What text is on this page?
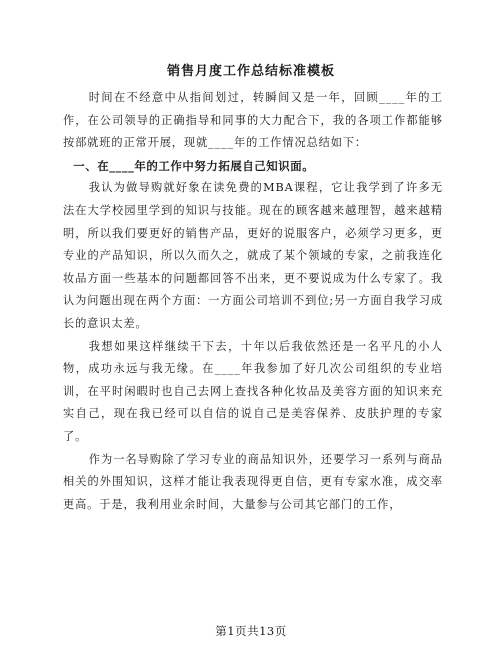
销售月度工作总结标准模板

时间在不经意中从指间划过，转瞬间又是一年，回顾____年的工作，在公司领导的正确指导和同事的大力配合下，我的各项工作都能够按部就班的正常开展，现就____年的工作情况总结如下：

一、在____年的工作中努力拓展自己知识面。

我认为做导购就好象在读免费的MBA课程，它让我学到了许多无法在大学校园里学到的知识与技能。现在的顾客越来越理智，越来越精明，所以我们要更好的销售产品，更好的说服客户，必须学习更多，更专业的产品知识，所以久而久之，就成了某个领域的专家，之前我连化妆品方面一些基本的问题都回答不出来，更不要说成为什么专家了。我认为问题出现在两个方面：一方面公司培训不到位;另一方面自我学习成长的意识太差。

我想如果这样继续干下去，十年以后我依然还是一名平凡的小人物，成功永远与我无缘。在____年我参加了好几次公司组织的专业培训，在平时闲暇时也自己去网上查找各种化妆品及美容方面的知识来充实自己，现在我已经可以自信的说自己是美容保养、皮肤护理的专家了。

作为一名导购除了学习专业的商品知识外，还要学习一系列与商品相关的外围知识，这样才能让我表现得更自信，更有专家水准，成交率更高。于是，我利用业余时间，大量参与公司其它部门的工作，

第1页共13页
